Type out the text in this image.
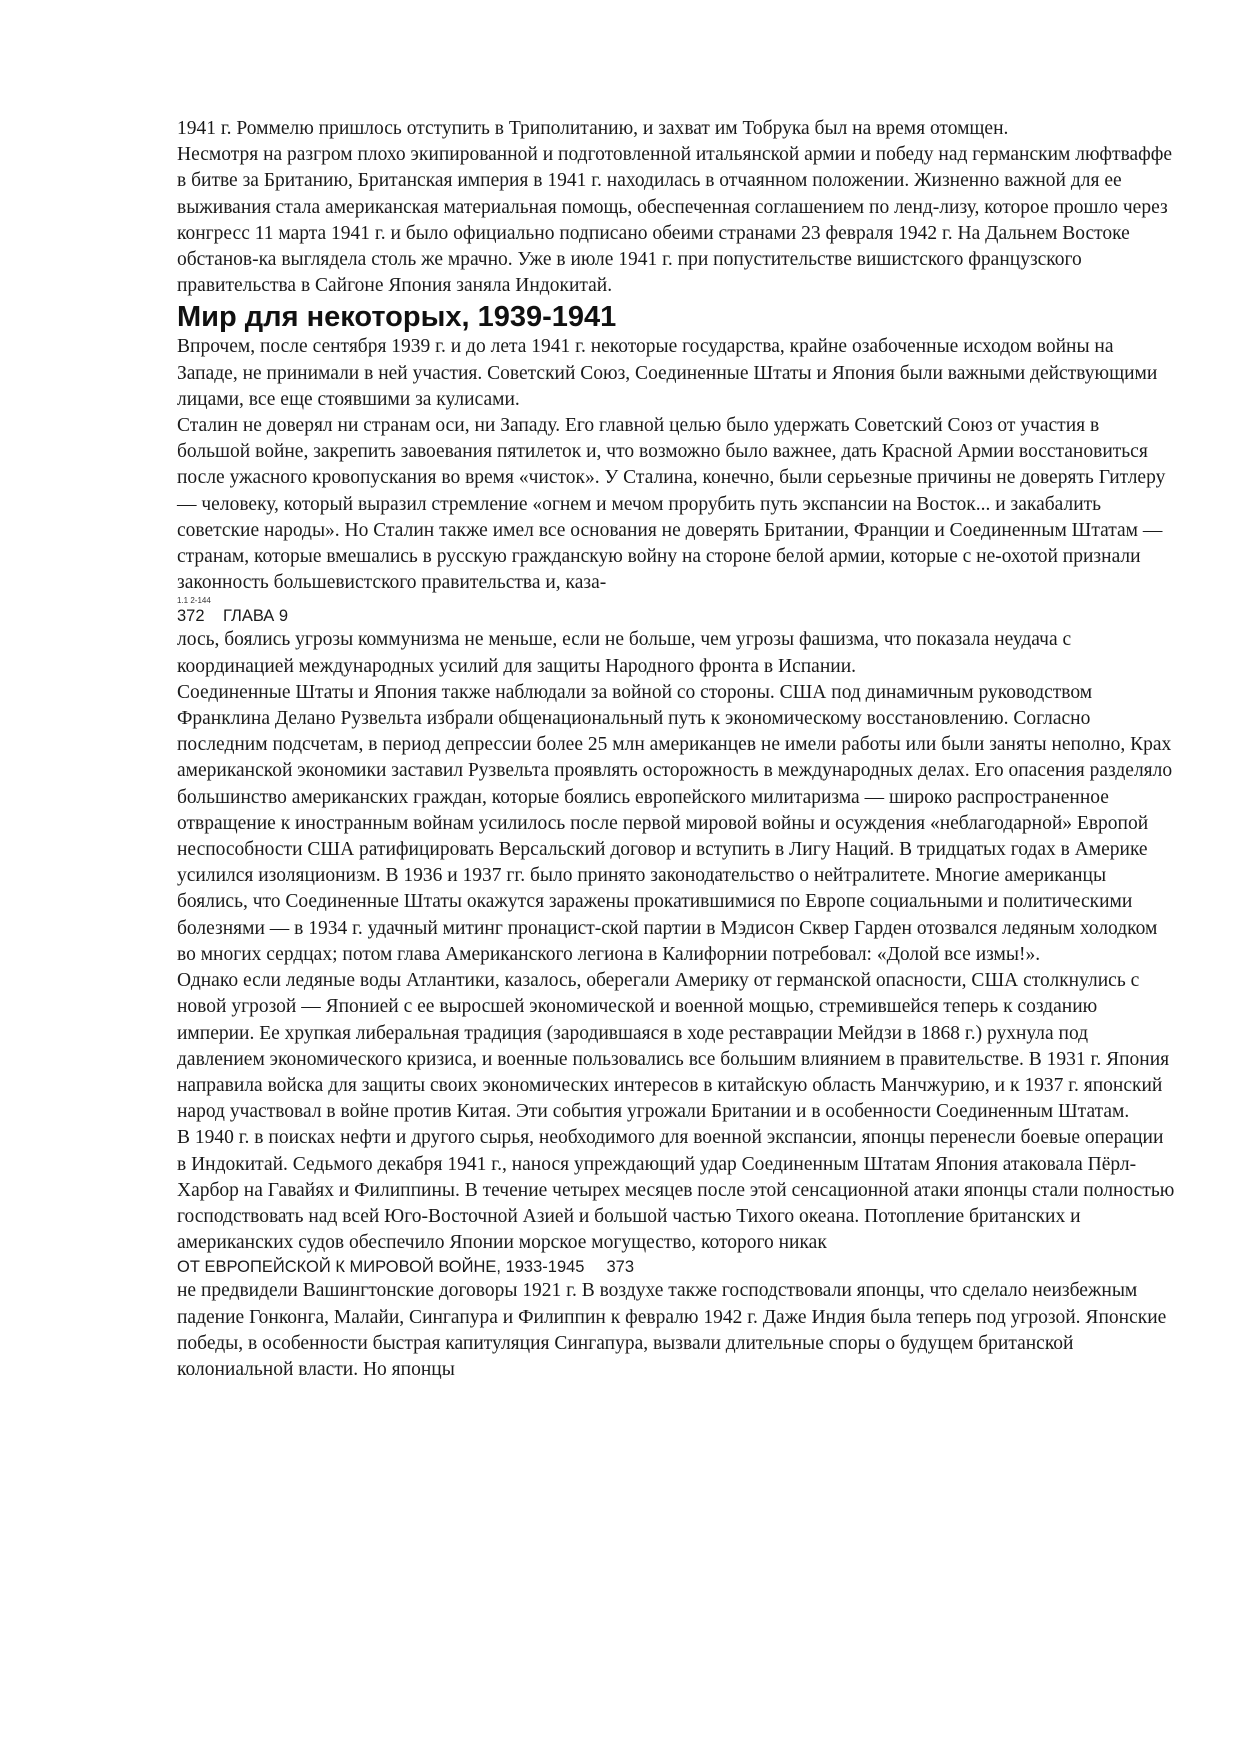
1941 г. Роммелю пришлось отступить в Триполитанию, и захват им Тобрука был на время отомщен.

Несмотря на разгром плохо экипированной и подготовленной итальянской армии и победу над германским люфтваффе в битве за Британию, Британская империя в 1941 г. находилась в отчаянном положении. Жизненно важной для ее выживания стала американская материальная помощь, обеспеченная соглашением по ленд-лизу, которое прошло через конгресс 11 марта 1941 г. и было официально подписано обеими странами 23 февраля 1942 г. На Дальнем Востоке обстанов-ка выглядела столь же мрачно. Уже в июле 1941 г. при попустительстве вишистского французского правительства в Сайгоне Япония заняла Индокитай.

Мир для некоторых, 1939-1941

Впрочем, после сентября 1939 г. и до лета 1941 г. некоторые государства, крайне озабоченные исходом войны на Западе, не принимали в ней участия. Советский Союз, Соединенные Штаты и Япония были важными действующими лицами, все еще стоявшими за кулисами.

Сталин не доверял ни странам оси, ни Западу. Его главной целью было удержать Советский Союз от участия в большой войне, закрепить завоевания пятилеток и, что возможно было важнее, дать Красной Армии восстановиться после ужасного кровопускания во время «чисток». У Сталина, конечно, были серьезные причины не доверять Гитлеру — человеку, который выразил стремление «огнем и мечом прорубить путь экспансии на Восток... и закабалить советские народы». Но Сталин также имел все основания не доверять Британии, Франции и Соединенным Штатам — странам, которые вмешались в русскую гражданскую войну на стороне белой армии, которые с не-охотой признали законность большевистского правительства и, каза-

1.1 2-144

372 ГЛАВА 9

лось, боялись угрозы коммунизма не меньше, если не больше, чем угрозы фашизма, что показала неудача с координацией международных усилий для защиты Народного фронта в Испании.

Соединенные Штаты и Япония также наблюдали за войной со стороны. США под динамичным руководством Франклина Делано Рузвельта избрали общенациональный путь к экономическому восстановлению. Согласно последним подсчетам, в период депрессии более 25 млн американцев не имели работы или были заняты неполно, Крах американской экономики заставил Рузвельта проявлять осторожность в международных делах. Его опасения разделяло большинство американских граждан, которые боялись европейского милитаризма — широко распространенное отвращение к иностранным войнам усилилось после первой мировой войны и осуждения «неблагодарной» Европой неспособности США ратифицировать Версальский договор и вступить в Лигу Наций. В тридцатых годах в Америке усилился изоляционизм. В 1936 и 1937 гг. было принято законодательство о нейтралитете. Многие американцы боялись, что Соединенные Штаты окажутся заражены прокатившимися по Европе социальными и политическими болезнями — в 1934 г. удачный митинг пронацист-ской партии в Мэдисон Сквер Гарден отозвался ледяным холодком во многих сердцах; потом глава Американского легиона в Калифорнии потребовал: «Долой все измы!».

Однако если ледяные воды Атлантики, казалось, оберегали Америку от германской опасности, США столкнулись с новой угрозой — Японией с ее выросшей экономической и военной мощью, стремившейся теперь к созданию империи. Ее хрупкая либеральная традиция (зародившаяся в ходе реставрации Мейдзи в 1868 г.) рухнула под давлением экономического кризиса, и военные пользовались все большим влиянием в правительстве. В 1931 г. Япония направила войска для защиты своих экономических интересов в китайскую область Манчжурию, и к 1937 г. японский народ участвовал в войне против Китая. Эти события угрожали Британии и в особенности Соединенным Штатам.

В 1940 г. в поисках нефти и другого сырья, необходимого для военной экспансии, японцы перенесли боевые операции в Индокитай. Седьмого декабря 1941 г., нанося упреждающий удар Соединенным Штатам Япония атаковала Пёрл-Харбор на Гавайях и Филиппины. В течение четырех месяцев после этой сенсационной атаки японцы стали полностью господствовать над всей Юго-Восточной Азией и большой частью Тихого океана. Потопление британских и американских судов обеспечило Японии морское могущество, которого никак

ОТ ЕВРОПЕЙСКОЙ К МИРОВОЙ ВОЙНЕ, 1933-1945 373

не предвидели Вашингтонские договоры 1921 г. В воздухе также господствовали японцы, что сделало неизбежным падение Гонконга, Малайи, Сингапура и Филиппин к февралю 1942 г. Даже Индия была теперь под угрозой. Японские победы, в особенности быстрая капитуляция Сингапура, вызвали длительные споры о будущем британской колониальной власти. Но японцы
